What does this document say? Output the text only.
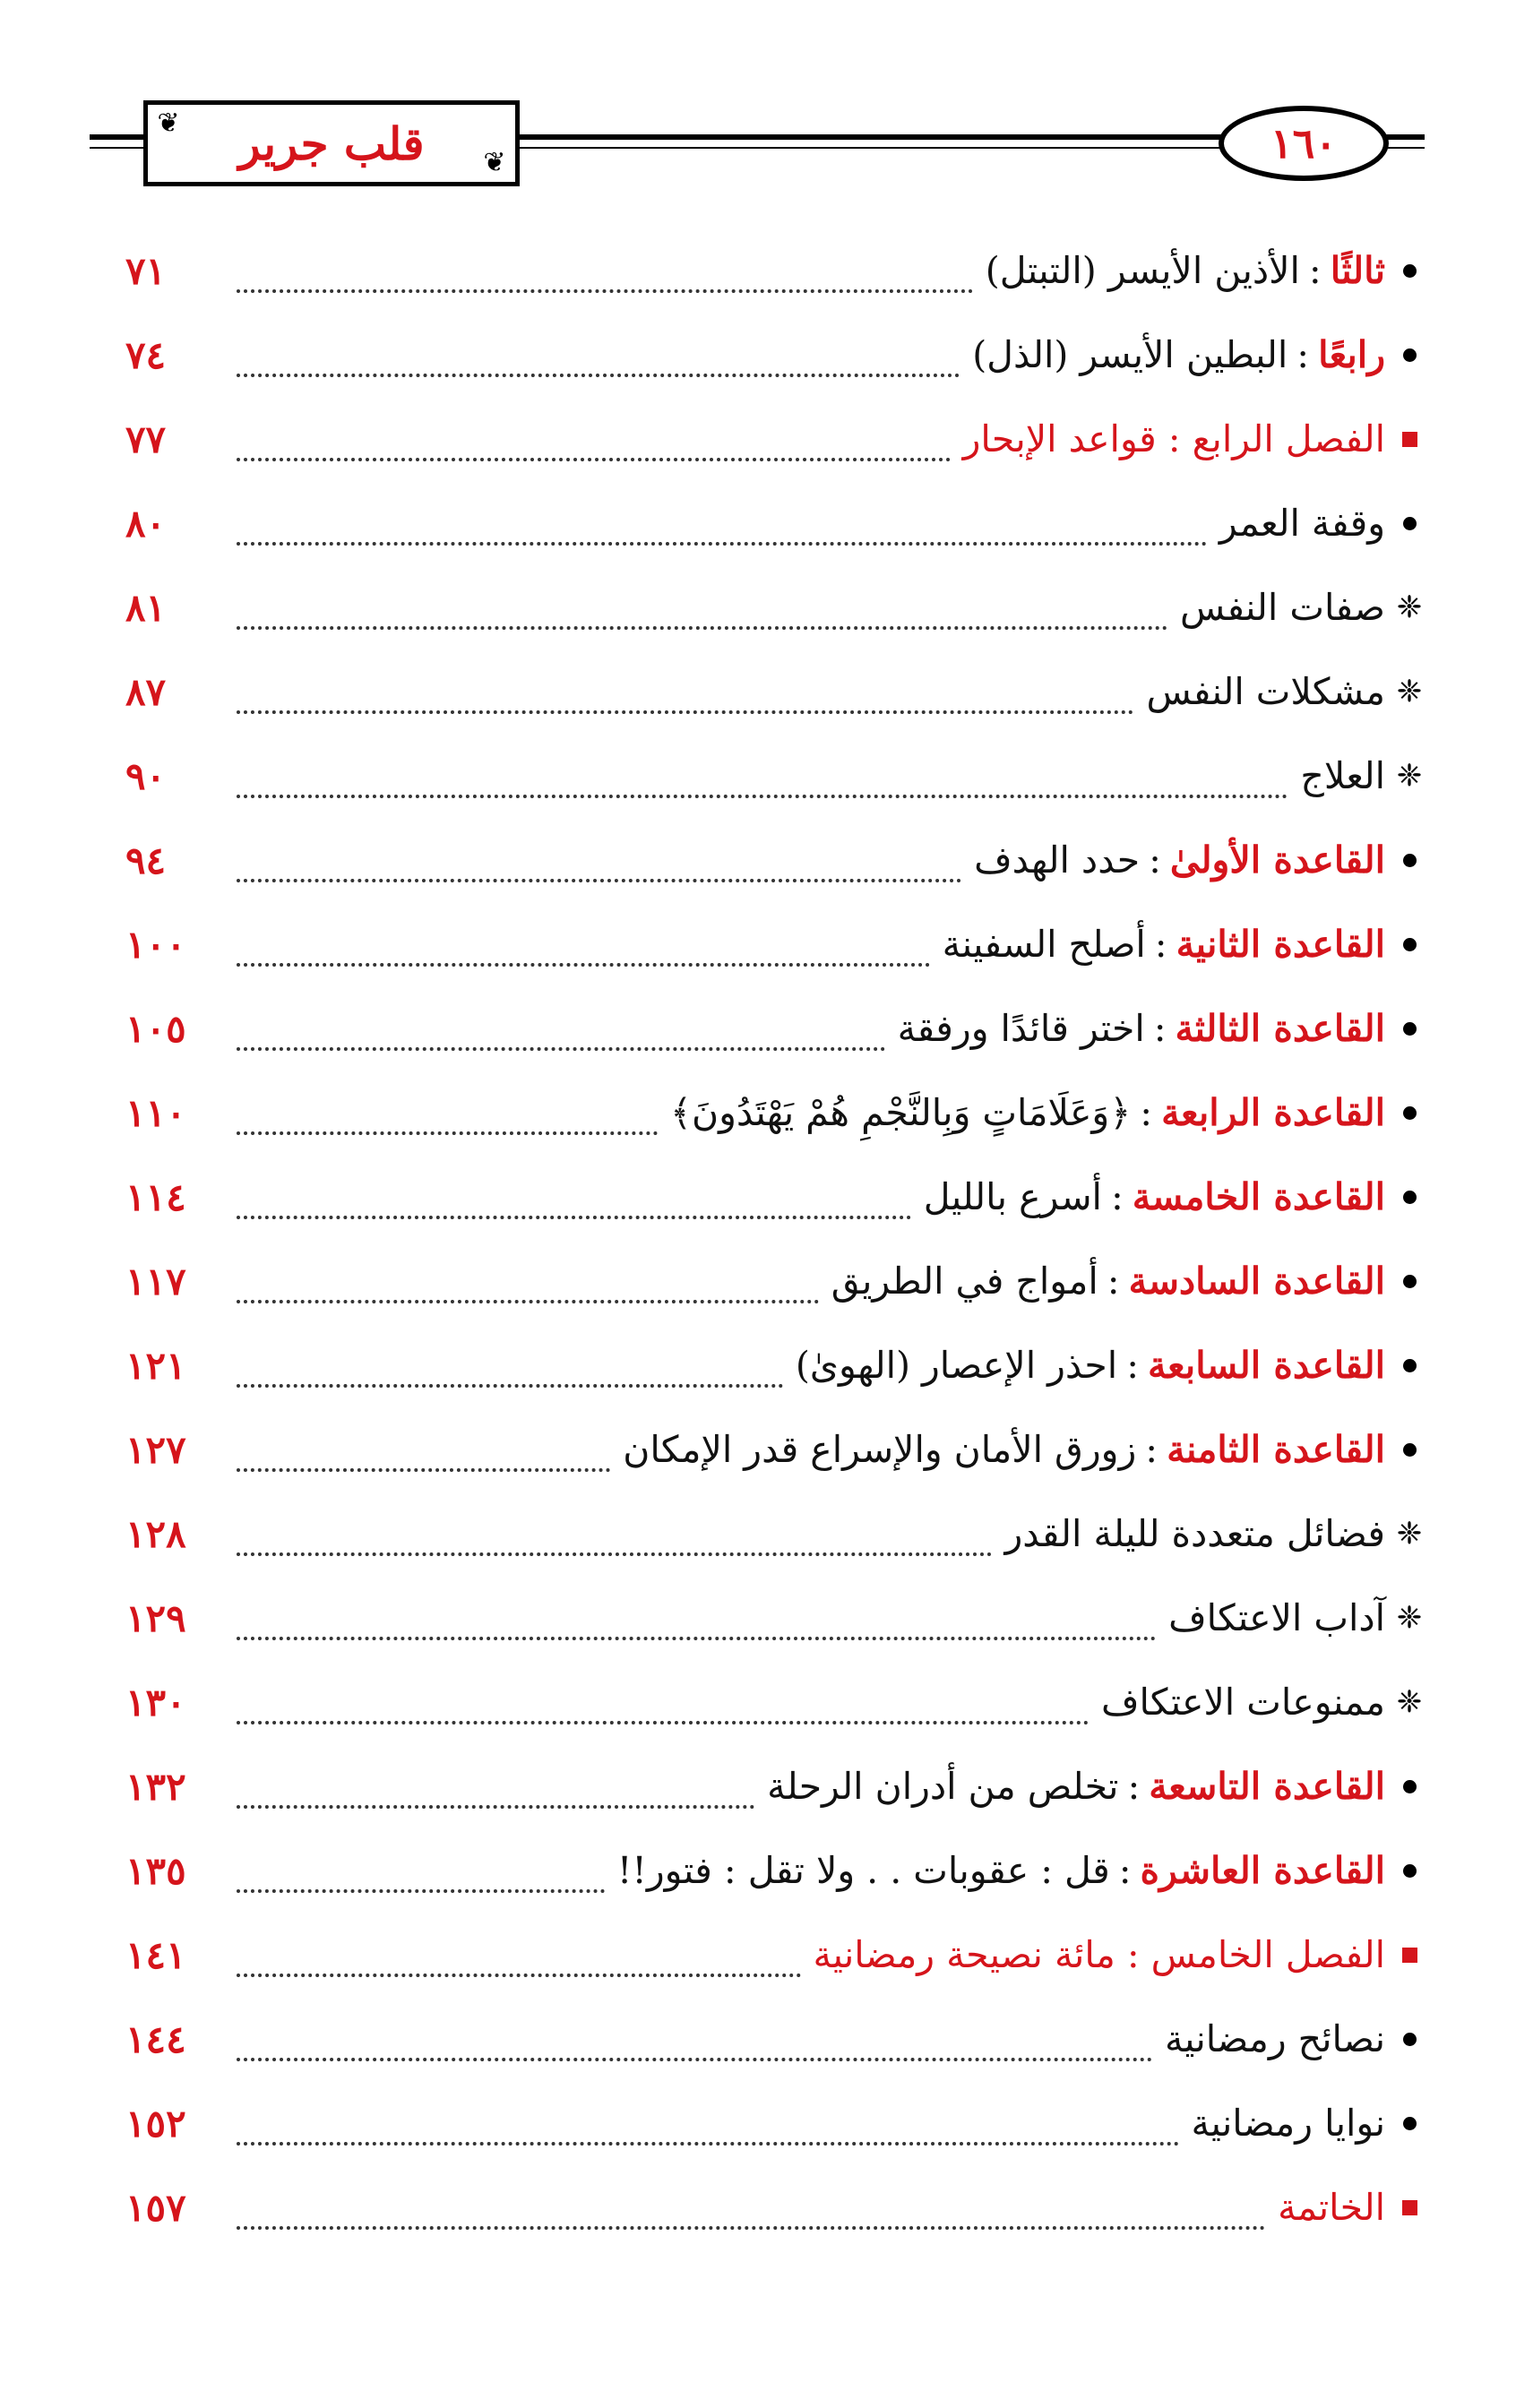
❦ قلب جرير ❦	١٦٠
ثالثًا:الأذين الأيسر (التبتل)
٧١
رابعًا:البطين الأيسر (الذل)
٧٤
الفصل الرابع : قواعد الإبحار
٧٧
وقفة العمر
٨٠
❈
صفات النفس
٨١
❈
مشكلات النفس
٨٧
❈
العلاج
٩٠
القاعدة الأولىٰ:حدد الهدف
٩٤
القاعدة الثانية:أصلح السفينة
١٠٠
القاعدة الثالثة:اختر قائدًا ورفقة
١٠٥
القاعدة الرابعة:﴿وَعَلَامَاتٍ وَبِالنَّجْمِ هُمْ يَهْتَدُونَ﴾
١١٠
القاعدة الخامسة:أسرع بالليل
١١٤
القاعدة السادسة:أمواج في الطريق
١١٧
القاعدة السابعة:احذر الإعصار (الهوىٰ)
١٢١
القاعدة الثامنة:زورق الأمان والإسراع قدر الإمكان
١٢٧
❈
فضائل متعددة لليلة القدر
١٢٨
❈
آداب الاعتكاف
١٢٩
❈
ممنوعات الاعتكاف
١٣٠
القاعدة التاسعة:تخلص من أدران الرحلة
١٣٢
القاعدة العاشرة:قل : عقوبات . . ولا تقل : فتور!!
١٣٥
الفصل الخامس : مائة نصيحة رمضانية
١٤١
نصائح رمضانية
١٤٤
نوايا رمضانية
١٥٢
الخاتمة
١٥٧
